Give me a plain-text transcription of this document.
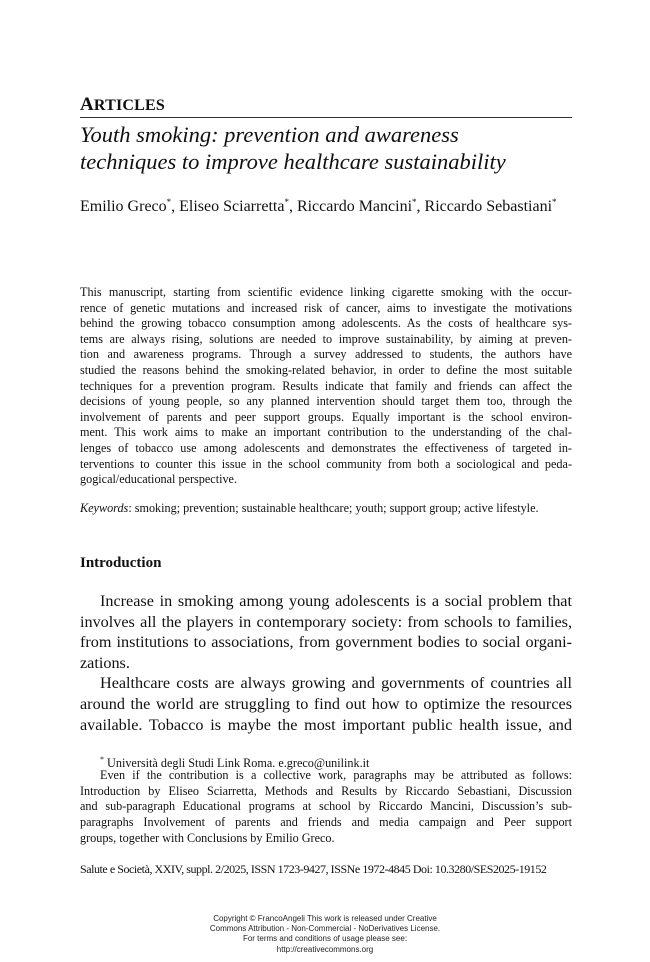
ARTICLES
Youth smoking: prevention and awareness
techniques to improve healthcare sustainability
Emilio Greco*, Eliseo Sciarretta*, Riccardo Mancini*, Riccardo Sebastiani*
This manuscript, starting from scientific evidence linking cigarette smoking with the occur-
rence of genetic mutations and increased risk of cancer, aims to investigate the motivations
behind the growing tobacco consumption among adolescents. As the costs of healthcare sys-
tems are always rising, solutions are needed to improve sustainability, by aiming at preven-
tion and awareness programs. Through a survey addressed to students, the authors have
studied the reasons behind the smoking-related behavior, in order to define the most suitable
techniques for a prevention program. Results indicate that family and friends can affect the
decisions of young people, so any planned intervention should target them too, through the
involvement of parents and peer support groups. Equally important is the school environ-
ment. This work aims to make an important contribution to the understanding of the chal-
lenges of tobacco use among adolescents and demonstrates the effectiveness of targeted in-
terventions to counter this issue in the school community from both a sociological and peda-
gogical/educational perspective.
Keywords: smoking; prevention; sustainable healthcare; youth; support group; active lifestyle.
Introduction
Increase in smoking among young adolescents is a social problem that
involves all the players in contemporary society: from schools to families,
from institutions to associations, from government bodies to social organi-
zations.
Healthcare costs are always growing and governments of countries all
around the world are struggling to find out how to optimize the resources
available. Tobacco is maybe the most important public health issue, and
* Università degli Studi Link Roma. e.greco@unilink.it
Even if the contribution is a collective work, paragraphs may be attributed as follows:
Introduction by Eliseo Sciarretta, Methods and Results by Riccardo Sebastiani, Discussion
and sub-paragraph Educational programs at school by Riccardo Mancini, Discussion’s sub-
paragraphs Involvement of parents and friends and media campaign and Peer support
groups, together with Conclusions by Emilio Greco.
Salute e Società, XXIV, suppl. 2/2025, ISSN 1723-9427, ISSNe 1972-4845 Doi: 10.3280/SES2025-19152
Copyright © FrancoAngeli This work is released under Creative
Commons Attribution - Non-Commercial - NoDerivatives License.
For terms and conditions of usage please see:
http://creativecommons.org
